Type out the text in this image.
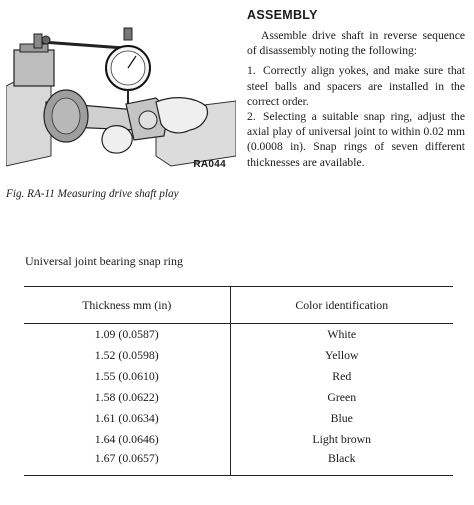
RA044
Fig. RA-11 Measuring drive shaft play
ASSEMBLY

Assemble drive shaft in reverse sequence of disassembly noting the following:

1. Correctly align yokes, and make sure that steel balls and spacers are installed in the correct order.

2. Selecting a suitable snap ring, adjust the axial play of universal joint to within 0.02 mm (0.0008 in). Snap rings of seven different thicknesses are available.

Universal joint bearing snap ring
Thickness mm (in)	Color identification
1.09 (0.0587)	White
1.52 (0.0598)	Yellow
1.55 (0.0610)	Red
1.58 (0.0622)	Green
1.61 (0.0634)	Blue
1.64 (0.0646)	Light brown
1.67 (0.0657)	Black
